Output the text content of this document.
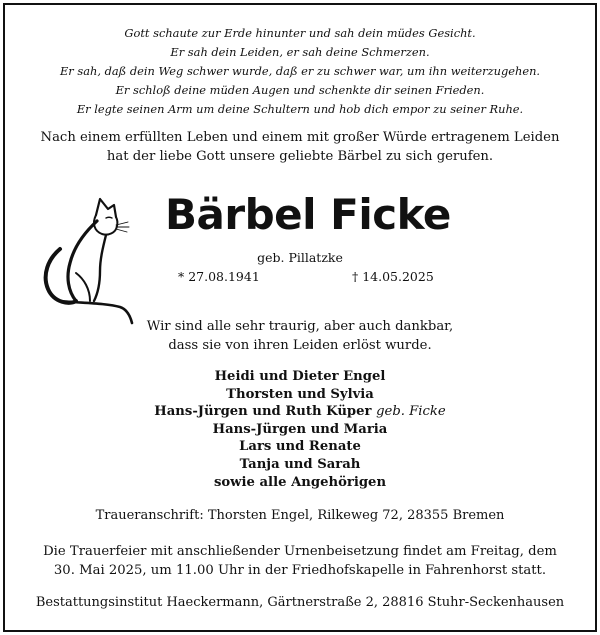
Gott schaute zur Erde hinunter und sah dein müdes Gesicht.
Er sah dein Leiden, er sah deine Schmerzen.
Er sah, daß dein Weg schwer wurde, daß er zu schwer war, um ihn weiterzugehen.
Er schloß deine müden Augen und schenkte dir seinen Frieden.
Er legte seinen Arm um deine Schultern und hob dich empor zu seiner Ruhe.
Nach einem erfüllten Leben und einem mit großer Würde ertragenem Leiden
hat der liebe Gott unsere geliebte Bärbel zu sich gerufen.
Bärbel Ficke
geb. Pillatzke
* 27.08.1941	† 14.05.2025
Wir sind alle sehr traurig, aber auch dankbar,
dass sie von ihren Leiden erlöst wurde.
Heidi und Dieter Engel
Thorsten und Sylvia
Hans-Jürgen und Ruth Küper geb. Ficke
Hans-Jürgen und Maria
Lars und Renate
Tanja und Sarah
sowie alle Angehörigen
Traueranschrift: Thorsten Engel, Rilkeweg 72, 28355 Bremen
Die Trauerfeier mit anschließender Urnenbeisetzung findet am Freitag, dem
30. Mai 2025, um 11.00 Uhr in der Friedhofskapelle in Fahrenhorst statt.
Bestattungsinstitut Haeckermann, Gärtnerstraße 2, 28816 Stuhr-Seckenhausen
